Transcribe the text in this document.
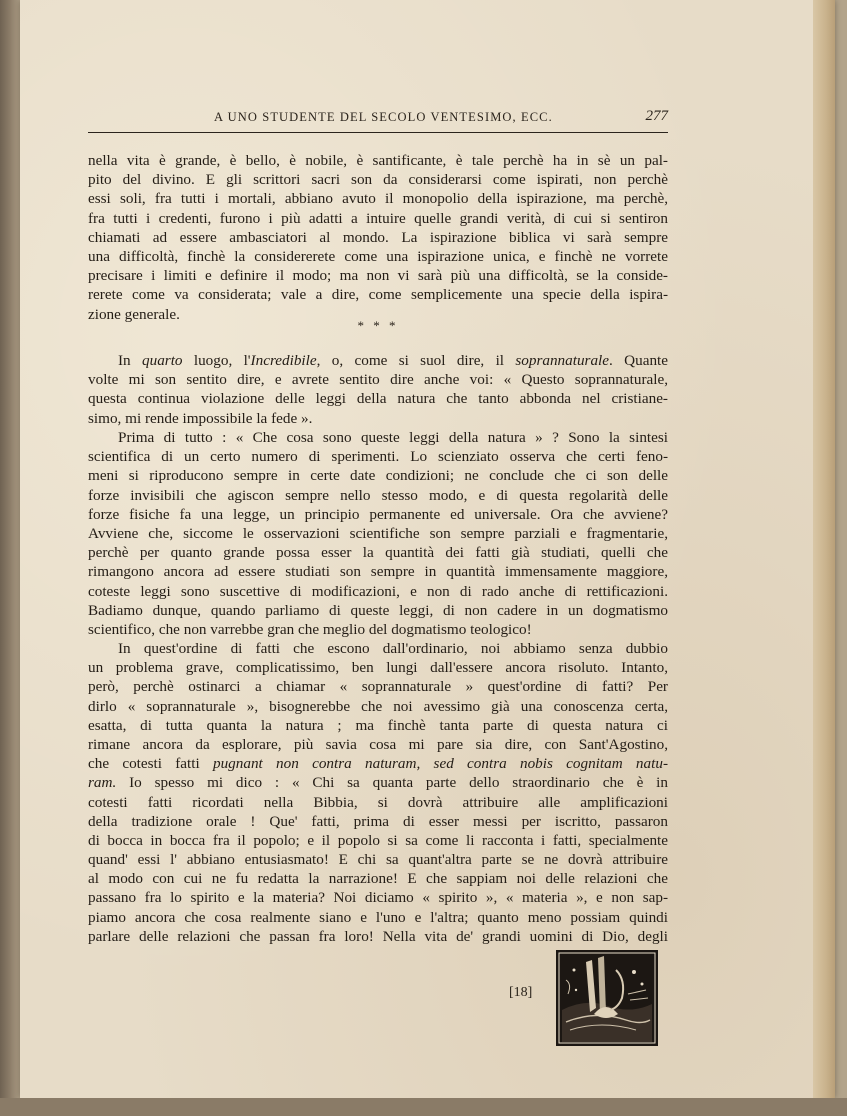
A UNO STUDENTE DEL SECOLO VENTESIMO, ECC.	277
nella vita è grande, è bello, è nobile, è santificante, è tale perchè ha in sè un pal-
pito del divino. E gli scrittori sacri son da considerarsi come ispirati, non perchè
essi soli, fra tutti i mortali, abbiano avuto il monopolio della ispirazione, ma perchè,
fra tutti i credenti, furono i più adatti a intuire quelle grandi verità, di cui si sentiron
chiamati ad essere ambasciatori al mondo. La ispirazione biblica vi sarà sempre
una difficoltà, finchè la considererete come una ispirazione unica, e finchè ne vorrete
precisare i limiti e definire il modo; ma non vi sarà più una difficoltà, se la conside-
rerete come va considerata; vale a dire, come semplicemente una specie della ispira-
zione generale.
* * *
In quarto luogo, l'Incredibile, o, come si suol dire, il soprannaturale. Quante
volte mi son sentito dire, e avrete sentito dire anche voi: « Questo soprannaturale,
questa continua violazione delle leggi della natura che tanto abbonda nel cristiane-
simo, mi rende impossibile la fede ».
Prima di tutto : « Che cosa sono queste leggi della natura » ? Sono la sintesi
scientifica di un certo numero di sperimenti. Lo scienziato osserva che certi feno-
meni si riproducono sempre in certe date condizioni; ne conclude che ci son delle
forze invisibili che agiscon sempre nello stesso modo, e di questa regolarità delle
forze fisiche fa una legge, un principio permanente ed universale. Ora che avviene?
Avviene che, siccome le osservazioni scientifiche son sempre parziali e fragmentarie,
perchè per quanto grande possa esser la quantità dei fatti già studiati, quelli che
rimangono ancora ad essere studiati son sempre in quantità immensamente maggiore,
coteste leggi sono suscettive di modificazioni, e non di rado anche di rettificazioni.
Badiamo dunque, quando parliamo di queste leggi, di non cadere in un dogmatismo
scientifico, che non varrebbe gran che meglio del dogmatismo teologico!
In quest'ordine di fatti che escono dall'ordinario, noi abbiamo senza dubbio
un problema grave, complicatissimo, ben lungi dall'essere ancora risoluto. Intanto,
però, perchè ostinarci a chiamar « soprannaturale » quest'ordine di fatti? Per
dirlo « soprannaturale », bisognerebbe che noi avessimo già una conoscenza certa,
esatta, di tutta quanta la natura ; ma finchè tanta parte di questa natura ci
rimane ancora da esplorare, più savia cosa mi pare sia dire, con Sant'Agostino,
che cotesti fatti pugnant non contra naturam, sed contra nobis cognitam natu-
ram. Io spesso mi dico : « Chi sa quanta parte dello straordinario che è in
cotesti fatti ricordati nella Bibbia, si dovrà attribuire alle amplificazioni
della tradizione orale ! Que' fatti, prima di esser messi per iscritto, passaron
di bocca in bocca fra il popolo; e il popolo si sa come li racconta i fatti, specialmente
quand' essi l' abbiano entusiasmato! E chi sa quant'altra parte se ne dovrà attribuire
al modo con cui ne fu redatta la narrazione! E che sappiam noi delle relazioni che
passano fra lo spirito e la materia? Noi diciamo « spirito », « materia », e non sap-
piamo ancora che cosa realmente siano e l'uno e l'altra; quanto meno possiam quindi
parlare delle relazioni che passan fra loro! Nella vita de' grandi uomini di Dio, degli
[18]
